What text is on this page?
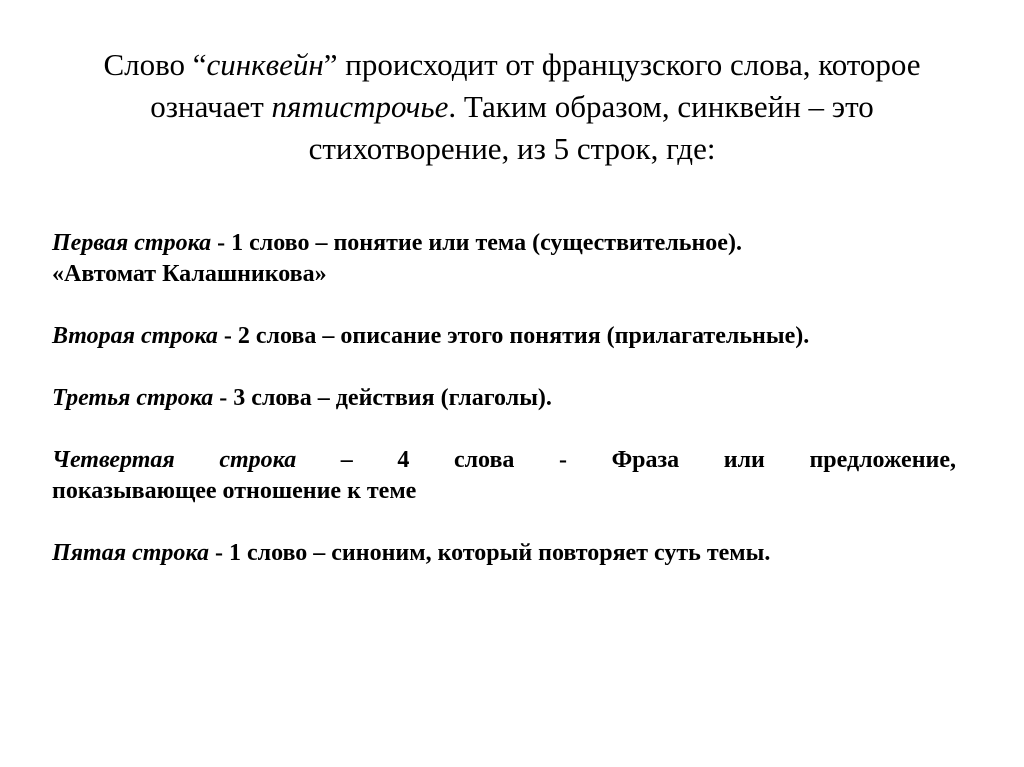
Слово “синквейн” происходит от французского слова, которое означает пятистрочье. Таким образом, синквейн – это стихотворение, из 5 строк, где:

Первая строка - 1 слово – понятие или тема (существительное).
«Автомат Калашникова»

Вторая строка - 2 слова – описание этого понятия (прилагательные).

Третья строка - 3 слова – действия (глаголы).

Четвертая строка – 4 слова - Фраза или предложение,
показывающее отношение к теме

Пятая строка - 1 слово – синоним, который повторяет суть темы.
